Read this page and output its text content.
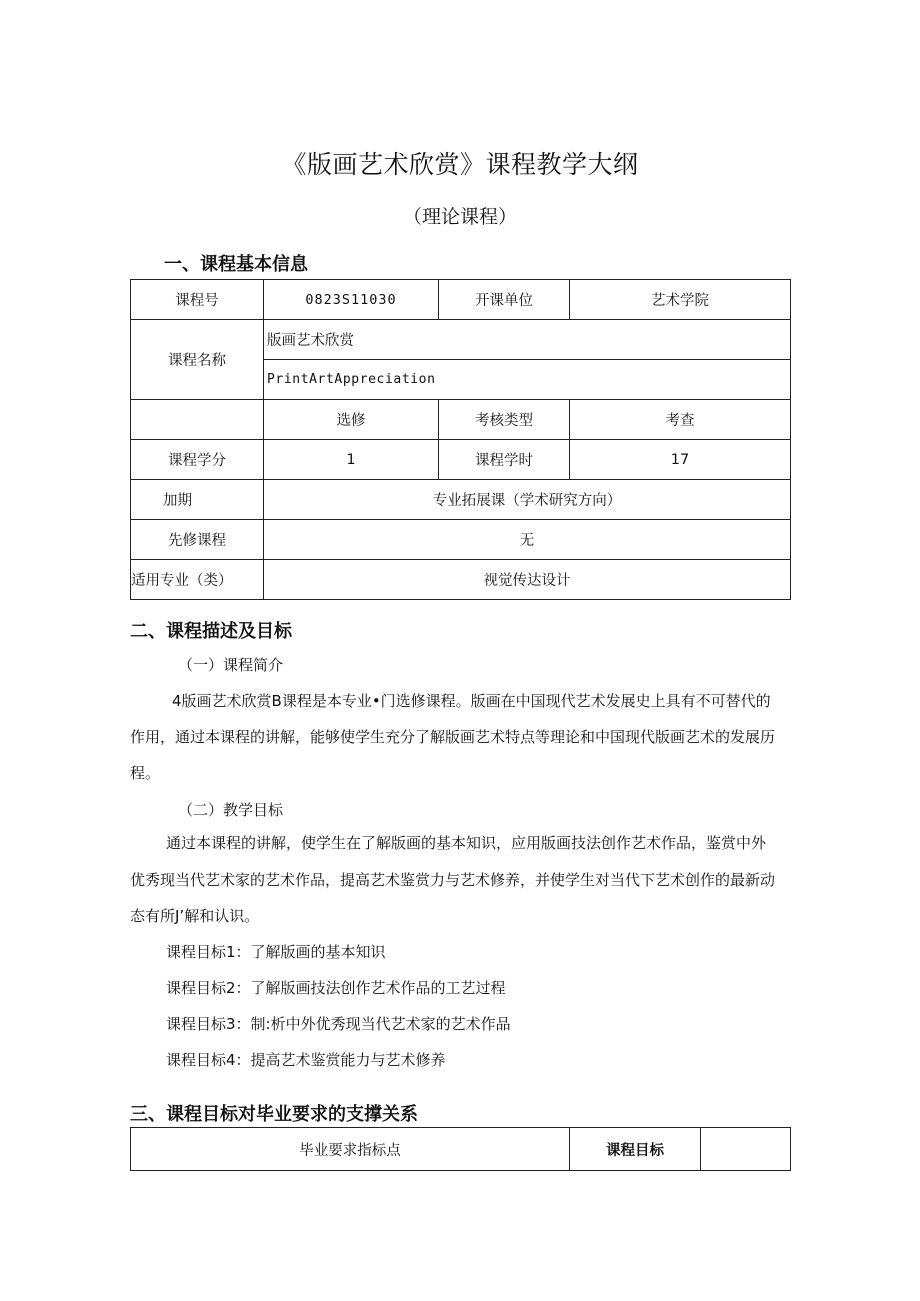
《版画艺术欣赏》课程教学大纲
（理论课程）
一、课程基本信息
课程号	0823S11030	开课单位	艺术学院
课程名称	版画艺术欣赏		
	PrintArtAppreciation		
	选修	考核类型	考查
课程学分	1	课程学时	17
加期	专业拓展课（学术研究方向）		
先修课程	无		
适用专业（类）	视觉传达设计		
二、课程描述及目标
（一）课程简介
4版画艺术欣赏B课程是本专业•门选修课程。版画在中国现代艺术发展史上具有不可替代的
作用，通过本课程的讲解，能够使学生充分了解版画艺术特点等理论和中国现代版画艺术的发展历
程。
（二）教学目标
通过本课程的讲解，使学生在了解版画的基本知识，应用版画技法创作艺术作品，鉴赏中外
优秀现当代艺术家的艺术作品，提高艺术鉴赏力与艺术修养，并使学生对当代下艺术创作的最新动
态有所J’解和认识。
课程目标1：了解版画的基本知识
课程目标2：了解版画技法创作艺术作品的工艺过程
课程目标3：制:析中外优秀现当代艺术家的艺术作品
课程目标4：提高艺术鉴赏能力与艺术修养
三、课程目标对毕业要求的支撑关系
毕业要求指标点	课程目标	
